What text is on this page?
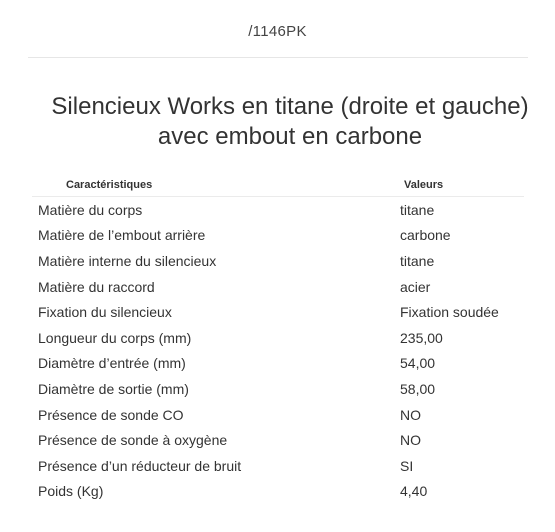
/1146PK
Silencieux Works en titane (droite et gauche) avec embout en carbone
Caractéristiques	Valeurs
Matière du corps	titane
Matière de l’embout arrière	carbone
Matière interne du silencieux	titane
Matière du raccord	acier
Fixation du silencieux	Fixation soudée
Longueur du corps (mm)	235,00
Diamètre d’entrée (mm)	54,00
Diamètre de sortie (mm)	58,00
Présence de sonde CO	NO
Présence de sonde à oxygène	NO
Présence d’un réducteur de bruit	SI
Poids (Kg)	4,40
